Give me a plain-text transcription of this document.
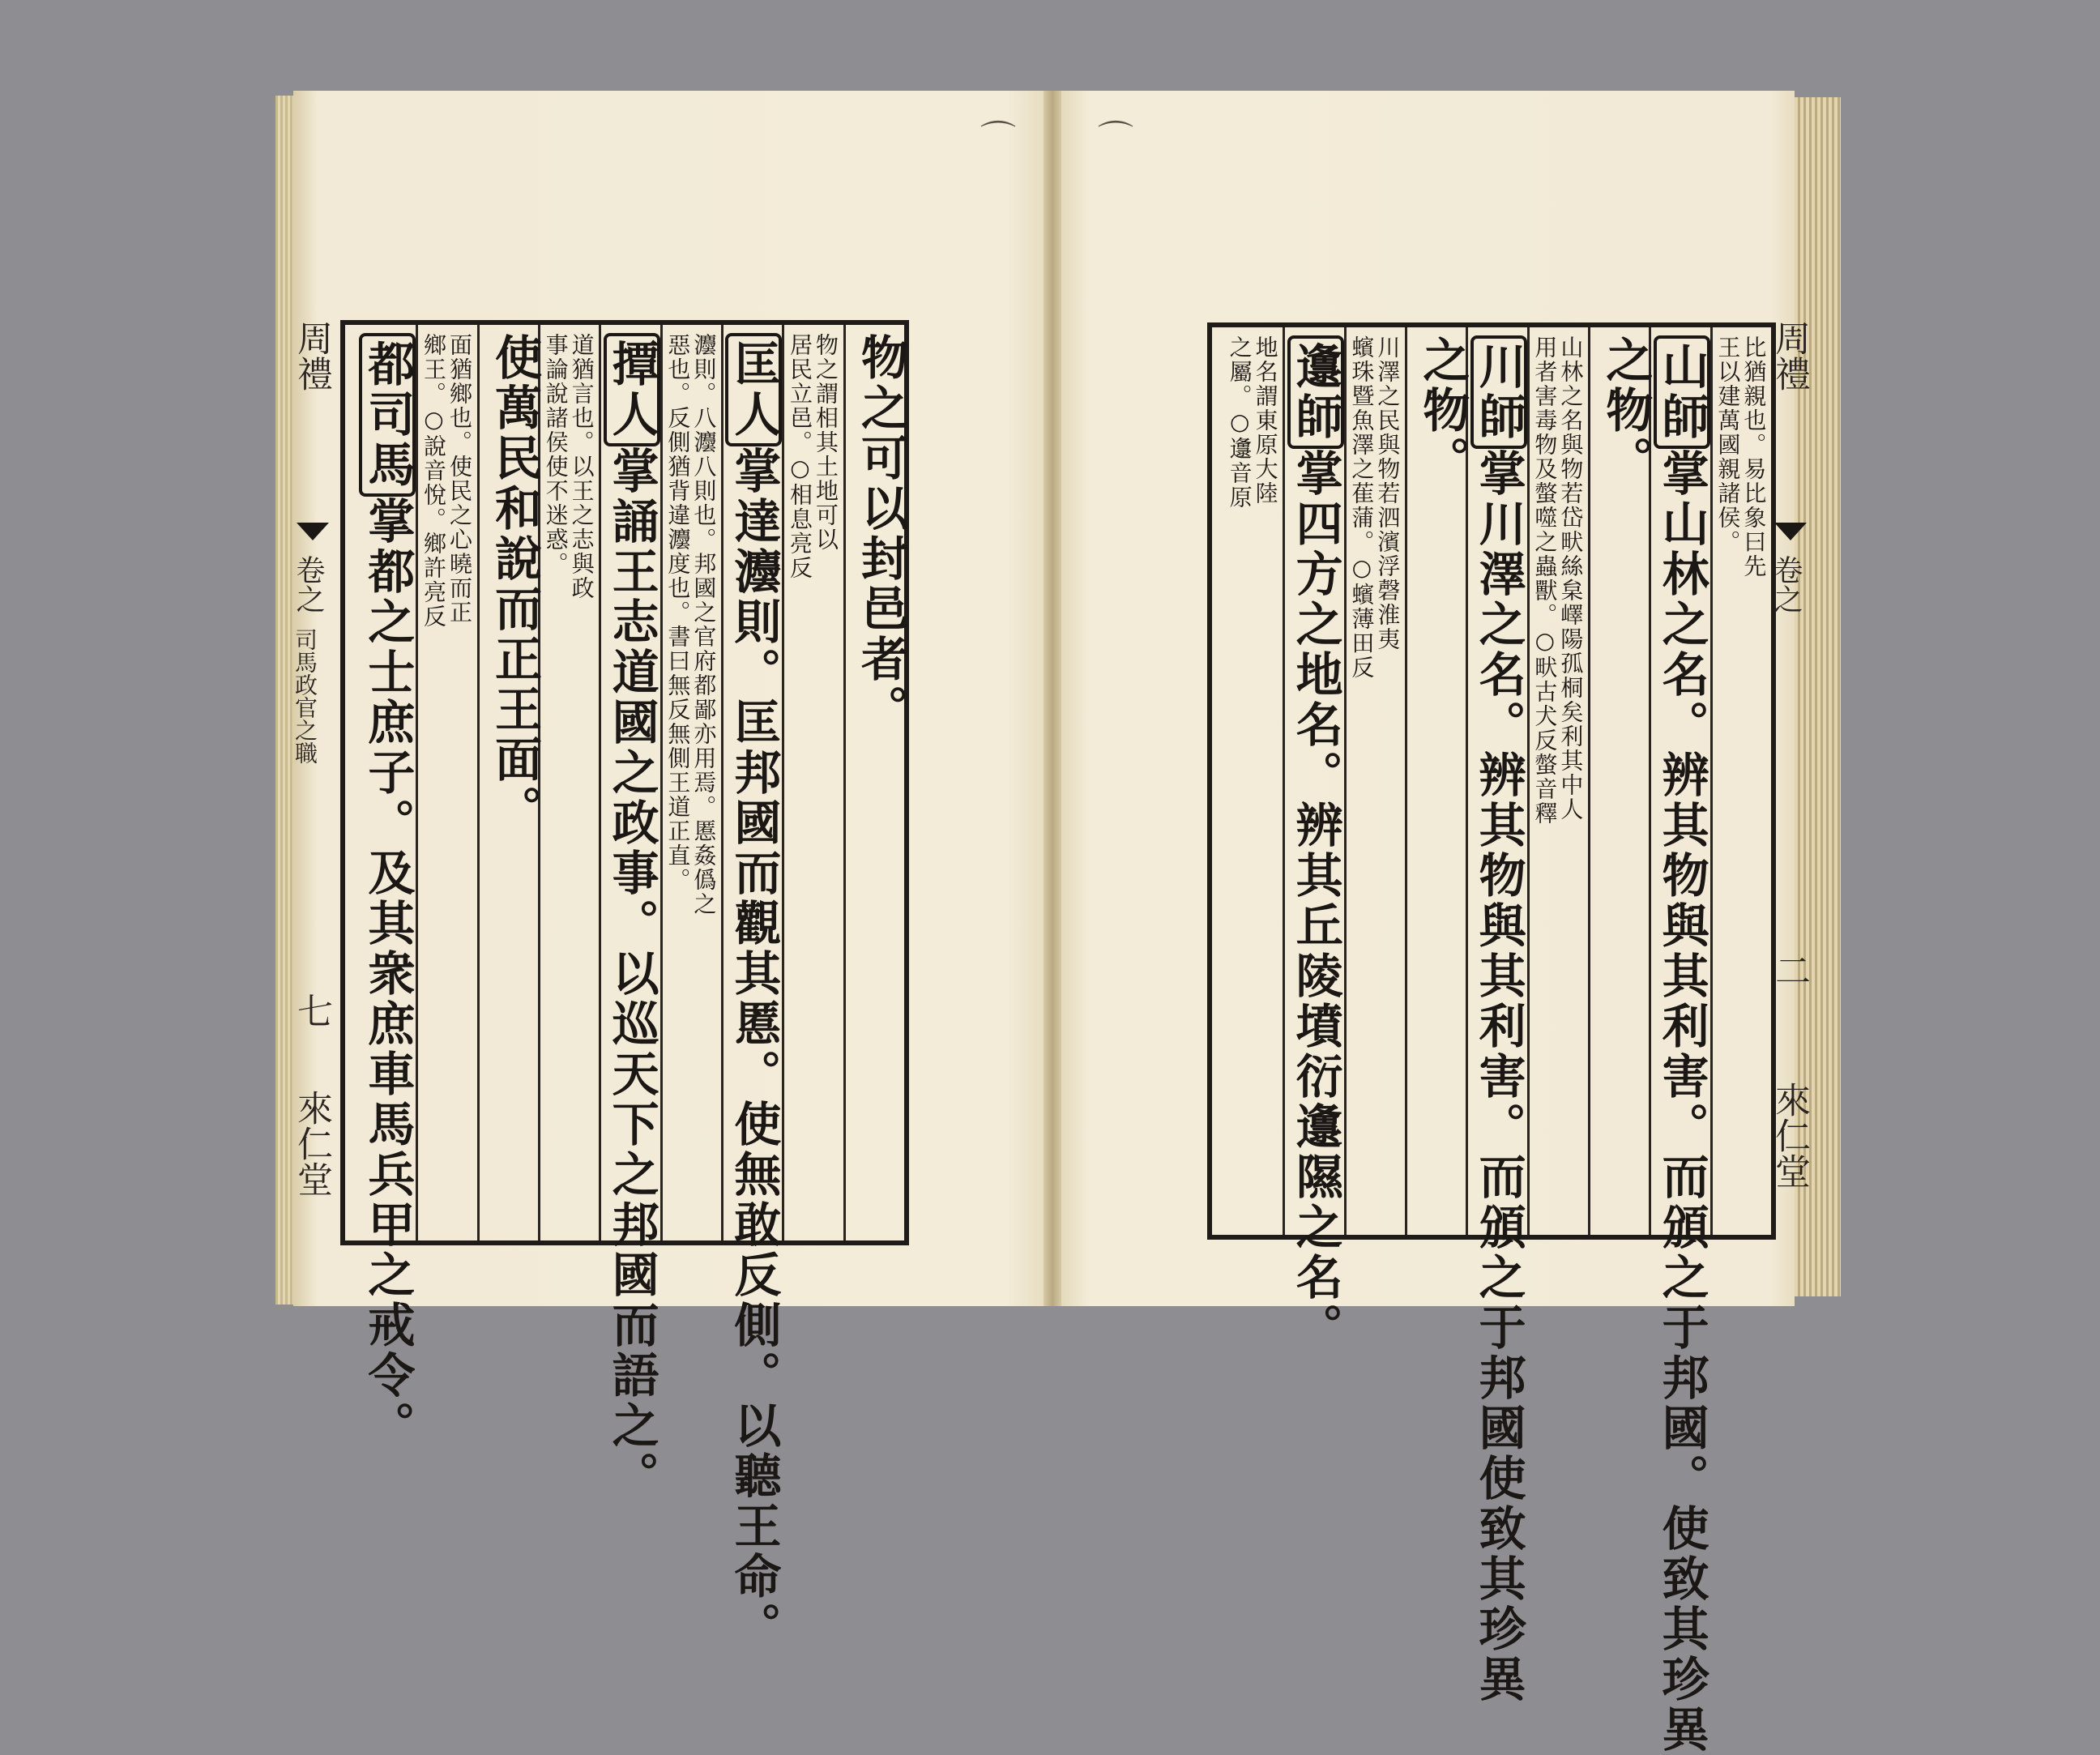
⌒ ⌒
周禮
卷之
司馬政官之職
七
來仁堂
物之可以封邑者。
物之謂相其土地可以
居民立邑。○相息亮反
匡人掌達灋則。匡邦國而觀其慝。使無敢反側。以聽王命。
灋則。八灋八則也。邦國之官府都鄙亦用焉。慝姦僞之
惡也。反側猶背違灋度也。書曰無反無側王道正直。
撢人掌誦王志道國之政事。以巡天下之邦國而語之。
道猶言也。以王之志與政
事論說諸侯使不迷惑。
使萬民和說而正王面。
面猶鄉也。使民之心曉而正
鄉王。○說音悅。鄉許亮反
都司馬掌都之士庶子。及其衆庶車馬兵甲之戒令。
比猶親也。易比象曰先
王以建萬國親諸侯。
山師掌山林之名。辨其物與其利害。而頒之于邦國。使致其珍異
之物。
山林之名與物若岱畎絲枲嶧陽孤桐矣利其中人
用者害毒物及螫噬之蟲獸。○畎古犬反螫音釋
川師掌川澤之名。辨其物與其利害。而頒之于邦國使致其珍異
之物。
川澤之民與物若泗濱浮磬淮夷
蠙珠暨魚澤之萑蒲。○蠙薄田反
邍師掌四方之地名。辨其丘陵墳衍邍隰之名。
地名謂東原大陸
之屬。○邍音原	周禮
卷之
二
來仁堂
